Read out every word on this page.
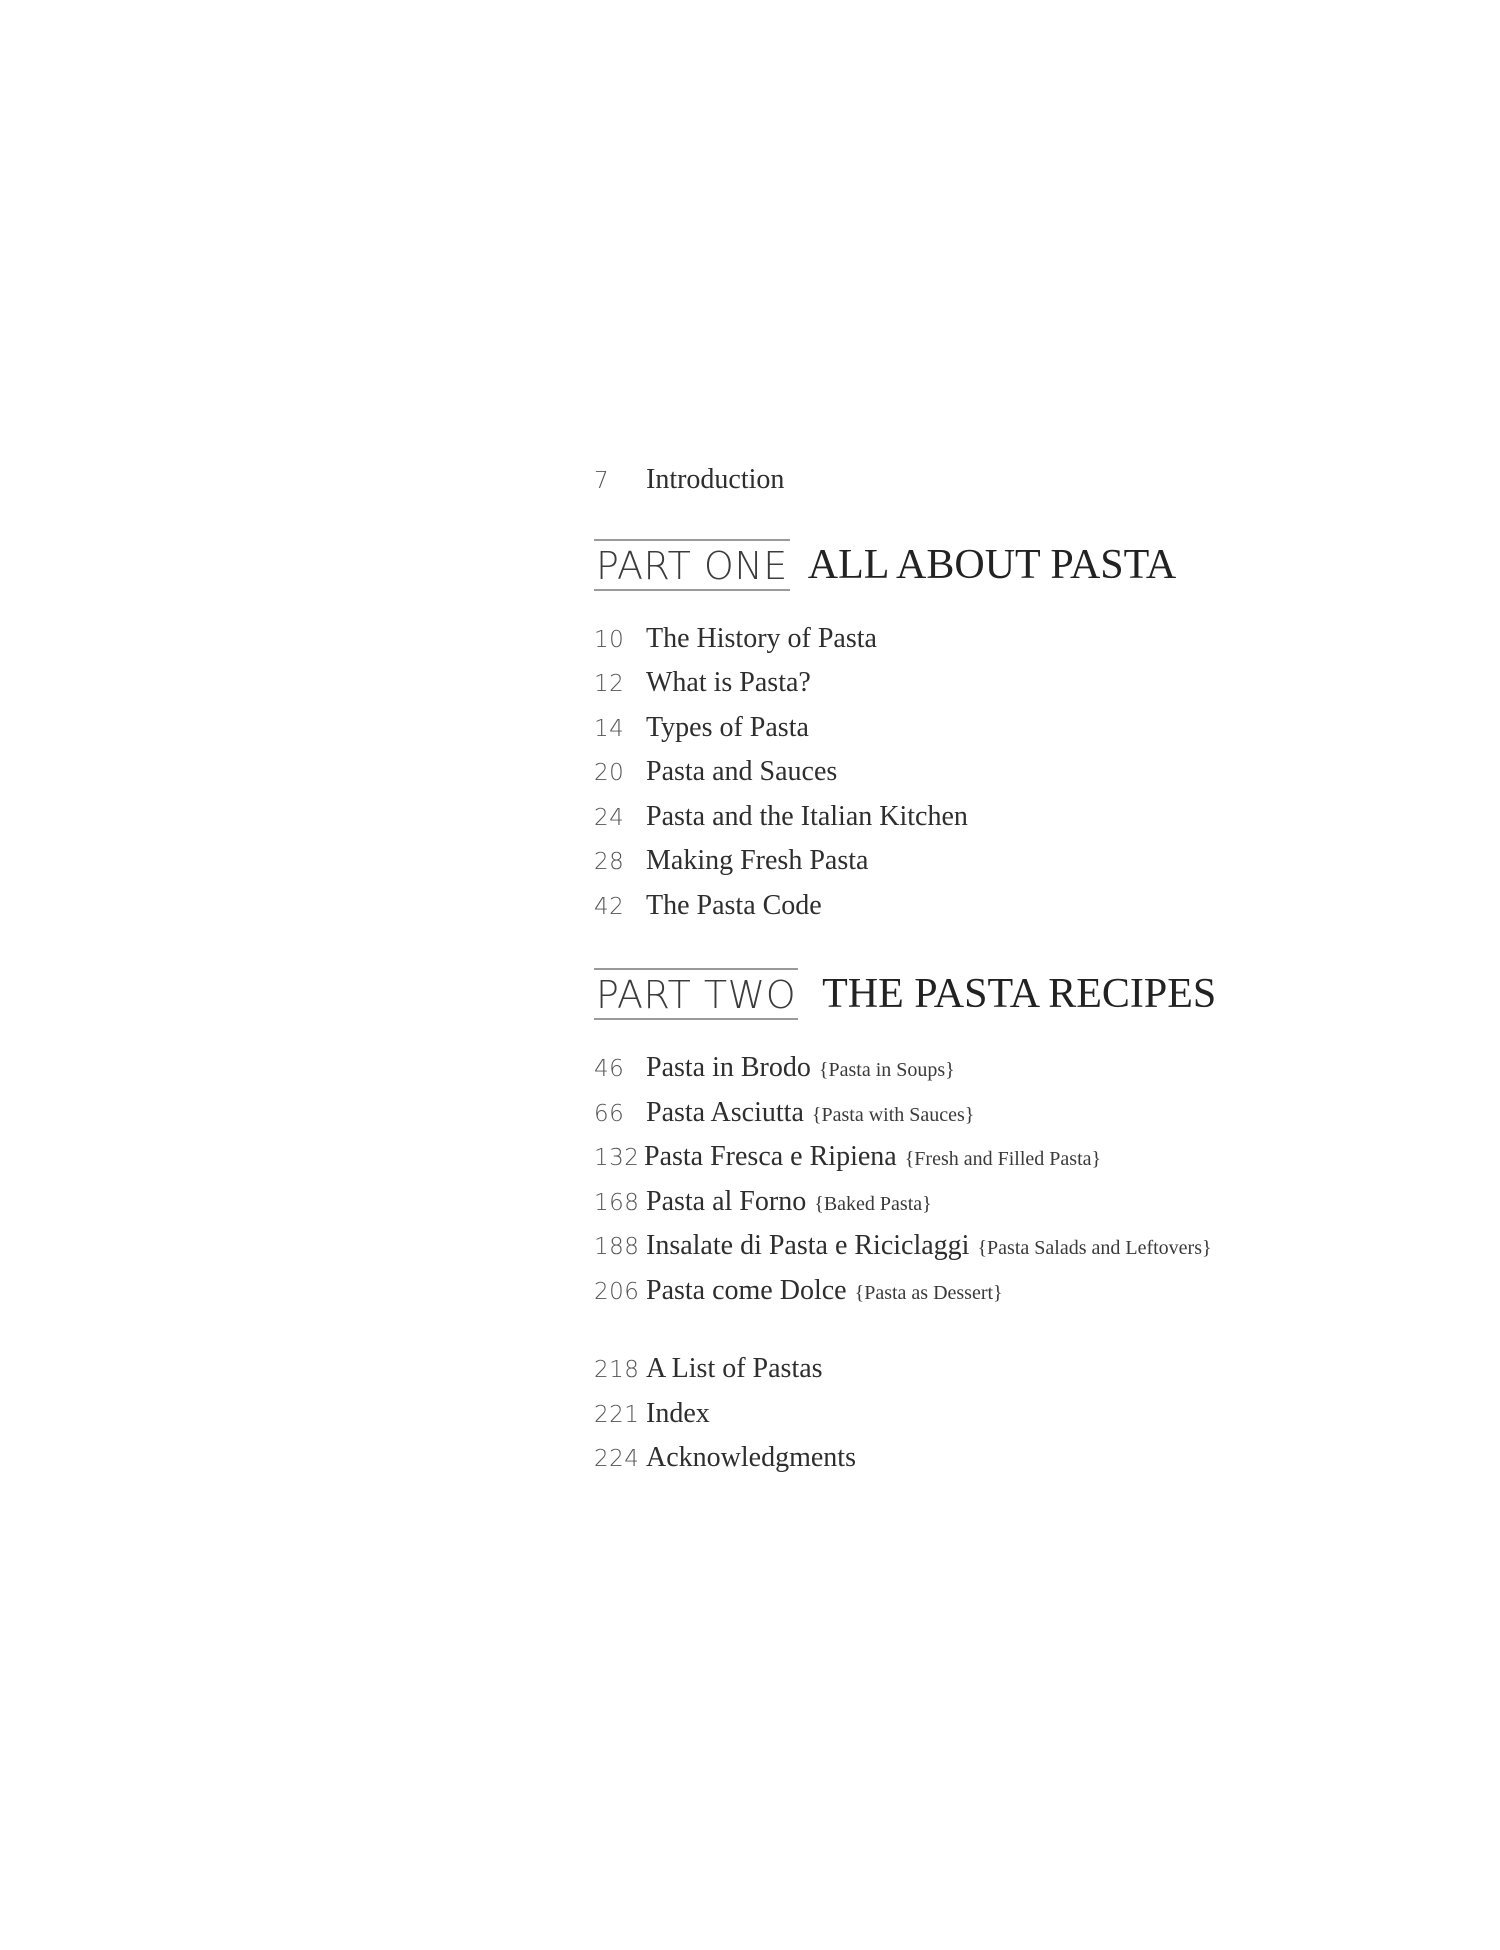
7	Introduction
PART ONE ALL ABOUT PASTA
10 The History of Pasta
12 What is Pasta?
14 Types of Pasta
20 Pasta and Sauces
24 Pasta and the Italian Kitchen
28 Making Fresh Pasta
42 The Pasta Code
PART TWO THE PASTA RECIPES
46 Pasta in Brodo {Pasta in Soups}
66 Pasta Asciutta {Pasta with Sauces}
132 Pasta Fresca e Ripiena {Fresh and Filled Pasta}
168 Pasta al Forno {Baked Pasta}
188 Insalate di Pasta e Riciclaggi {Pasta Salads and Leftovers}
206 Pasta come Dolce {Pasta as Dessert}
218 A List of Pastas
221 Index
224 Acknowledgments
